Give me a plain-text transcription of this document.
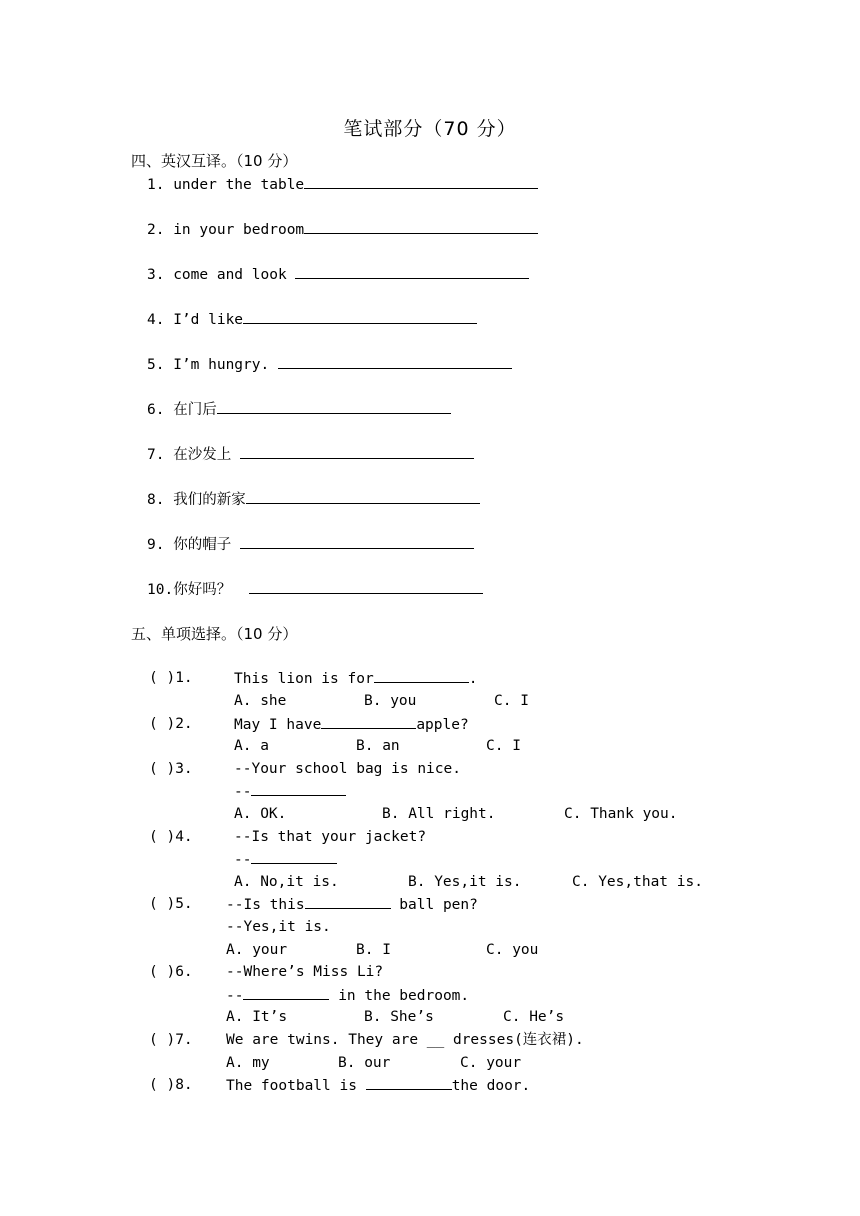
笔试部分（70 分）
四、英汉互译。（10 分）
1. under the table
2. in your bedroom
3. come and look
4. I’d like
5. I’m hungry.
6. 在门后
7. 在沙发上
8. 我们的新家
9. 你的帽子
10.你好吗？
五、单项选择。（10 分）
( )1.	This lion is for	.
A. she	B. you	C. I
( )2.	May I have	apple?
A. a	B. an	C. I
( )3.	--Your school bag is nice.
--
A. OK.	B. All right.	C. Thank you.
( )4.	--Is that your jacket?
--
A. No,it is.	B. Yes,it is.	C. Yes,that is.
( )5. --Is this	ball pen?
--Yes,it is.
A. your	B. I	C. you
( )6. --Where’s Miss Li?
--	in the bedroom.
A. It’s	B. She’s	C. He’s
( )7. We are twins. They are __ dresses(连衣裙).
A. my	B. our	C. your
( )8. The football is	the door.
